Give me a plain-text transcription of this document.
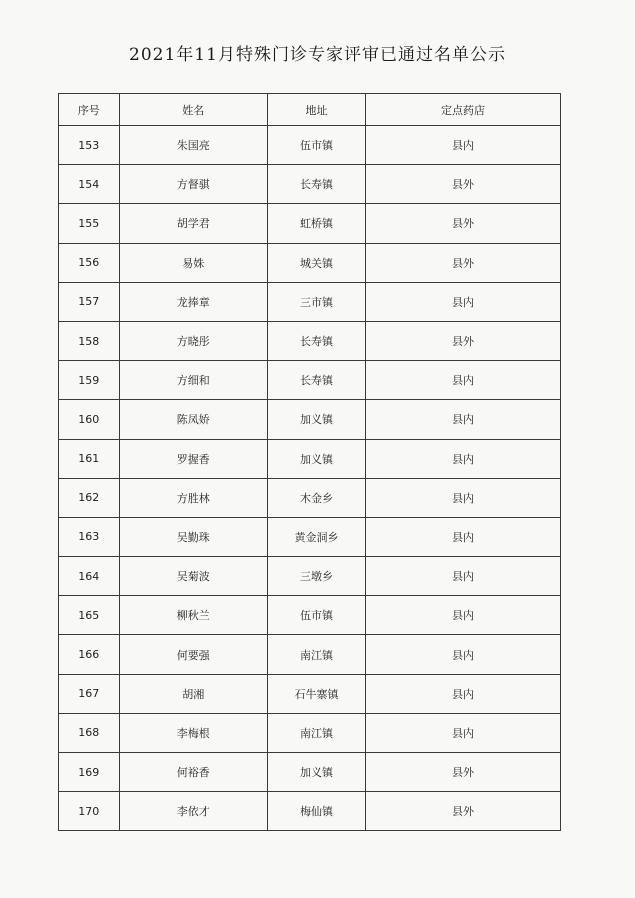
2021年11月特殊门诊专家评审已通过名单公示
序号	姓名	地址	定点药店
153	朱国亮	伍市镇	县内
154	方督骐	长寿镇	县外
155	胡学君	虹桥镇	县外
156	易姝	城关镇	县外
157	龙捧章	三市镇	县内
158	方晓彤	长寿镇	县外
159	方细和	长寿镇	县内
160	陈凤娇	加义镇	县内
161	罗握香	加义镇	县内
162	方胜林	木金乡	县内
163	吴勤珠	黄金洞乡	县内
164	吴菊波	三墩乡	县内
165	柳秋兰	伍市镇	县内
166	何要强	南江镇	县内
167	胡湘	石牛寨镇	县内
168	李梅根	南江镇	县内
169	何裕香	加义镇	县外
170	李依才	梅仙镇	县外
